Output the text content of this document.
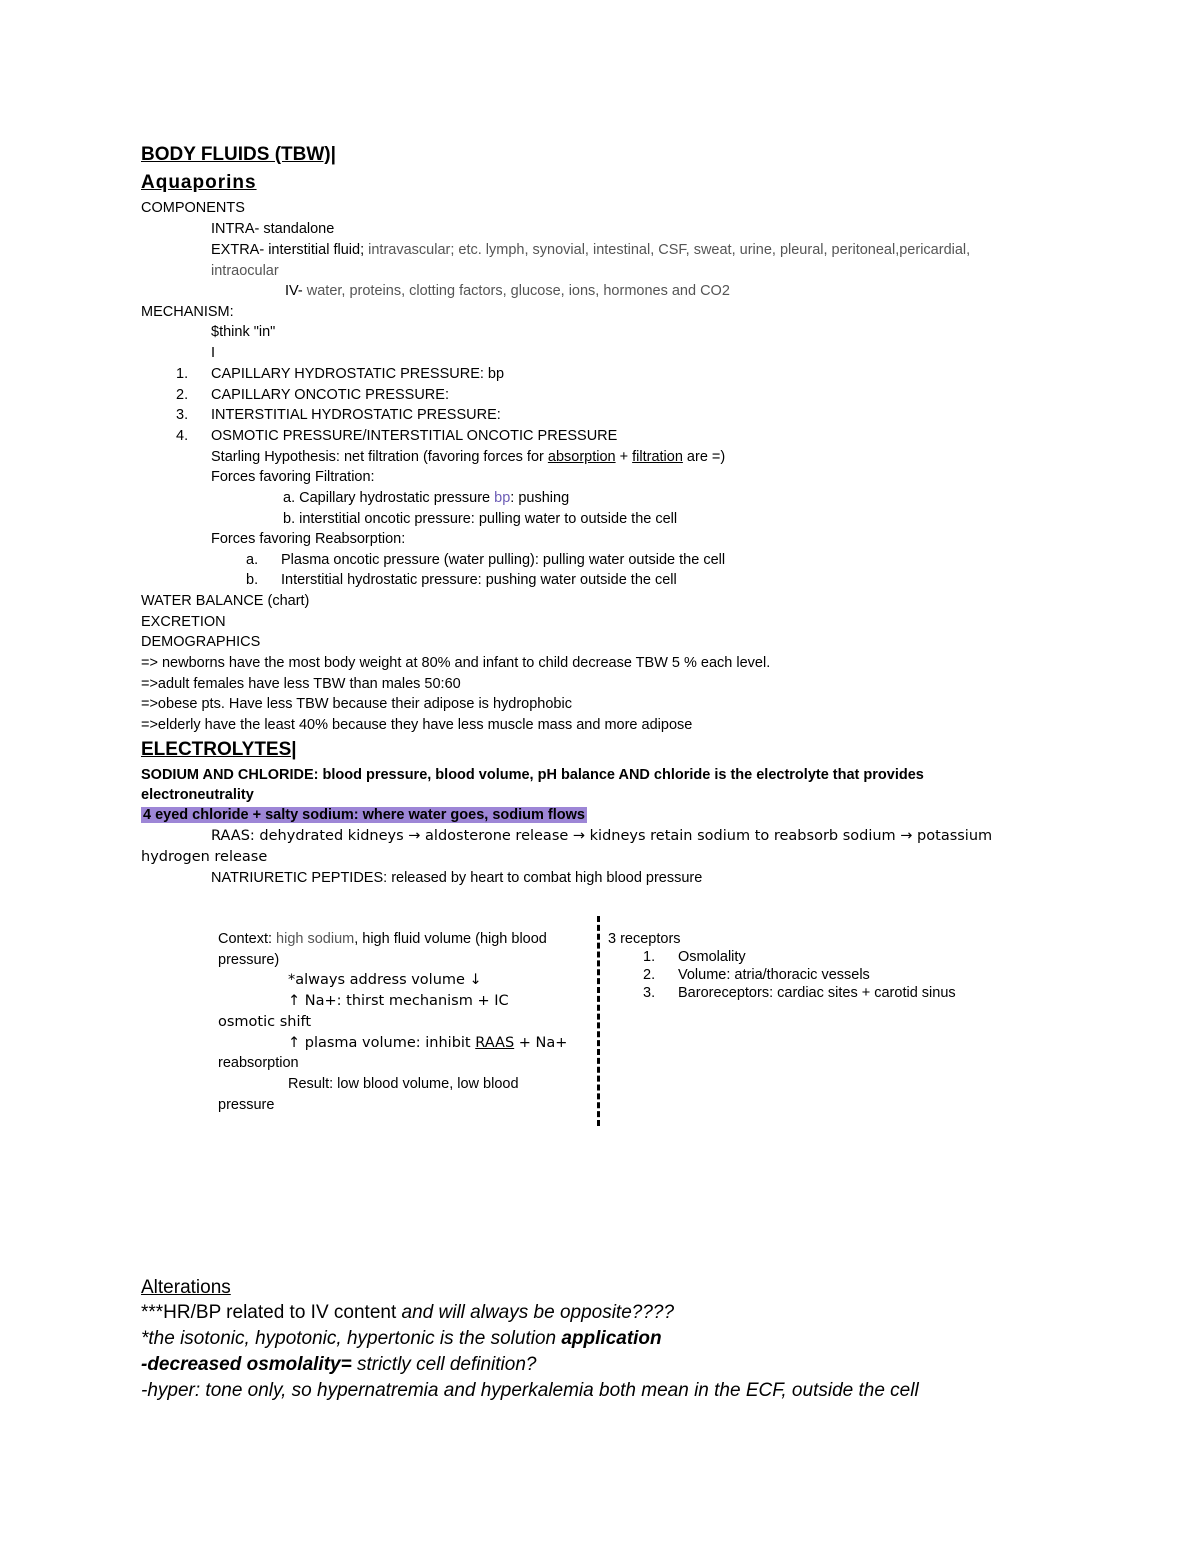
BODY FLUIDS (TBW)|
Aquaporins
COMPONENTS
INTRA- standalone
EXTRA- interstitial fluid; intravascular; etc. lymph, synovial, intestinal, CSF, sweat, urine, pleural, peritoneal,pericardial,
intraocular
IV- water, proteins, clotting factors, glucose, ions, hormones and CO2
MECHANISM:
$think "in"
I
1. CAPILLARY HYDROSTATIC PRESSURE: bp
2. CAPILLARY ONCOTIC PRESSURE:
3. INTERSTITIAL HYDROSTATIC PRESSURE:
4. OSMOTIC PRESSURE/INTERSTITIAL ONCOTIC PRESSURE
Starling Hypothesis: net filtration (favoring forces for absorption + filtration are =)
Forces favoring Filtration:
a. Capillary hydrostatic pressure bp: pushing
b. interstitial oncotic pressure: pulling water to outside the cell
Forces favoring Reabsorption:
a. Plasma oncotic pressure (water pulling): pulling water outside the cell
b. Interstitial hydrostatic pressure: pushing water outside the cell
WATER BALANCE (chart)
EXCRETION
DEMOGRAPHICS
=> newborns have the most body weight at 80% and infant to child decrease TBW 5 % each level.
=>adult females have less TBW than males 50:60
=>obese pts. Have less TBW because their adipose is hydrophobic
=>elderly have the least 40% because they have less muscle mass and more adipose
ELECTROLYTES|
SODIUM AND CHLORIDE: blood pressure, blood volume, pH balance AND chloride is the electrolyte that provides
electroneutrality
4 eyed chloride + salty sodium: where water goes, sodium flows
RAAS: dehydrated kidneys → aldosterone release → kidneys retain sodium to reabsorb sodium → potassium
hydrogen release
NATRIURETIC PEPTIDES: released by heart to combat high blood pressure
Context: high sodium, high fluid volume (high blood
pressure)
*always address volume ↓
↑ Na+: thirst mechanism + IC
osmotic shift
↑ plasma volume: inhibit RAAS + Na+
reabsorption
Result: low blood volume, low blood
pressure
3 receptors
1. Osmolality
2. Volume: atria/thoracic vessels
3. Baroreceptors: cardiac sites + carotid sinus
Alterations
***HR/BP related to IV content and will always be opposite????
*the isotonic, hypotonic, hypertonic is the solution application
-decreased osmolality= strictly cell definition?
-hyper: tone only, so hypernatremia and hyperkalemia both mean in the ECF, outside the cell
